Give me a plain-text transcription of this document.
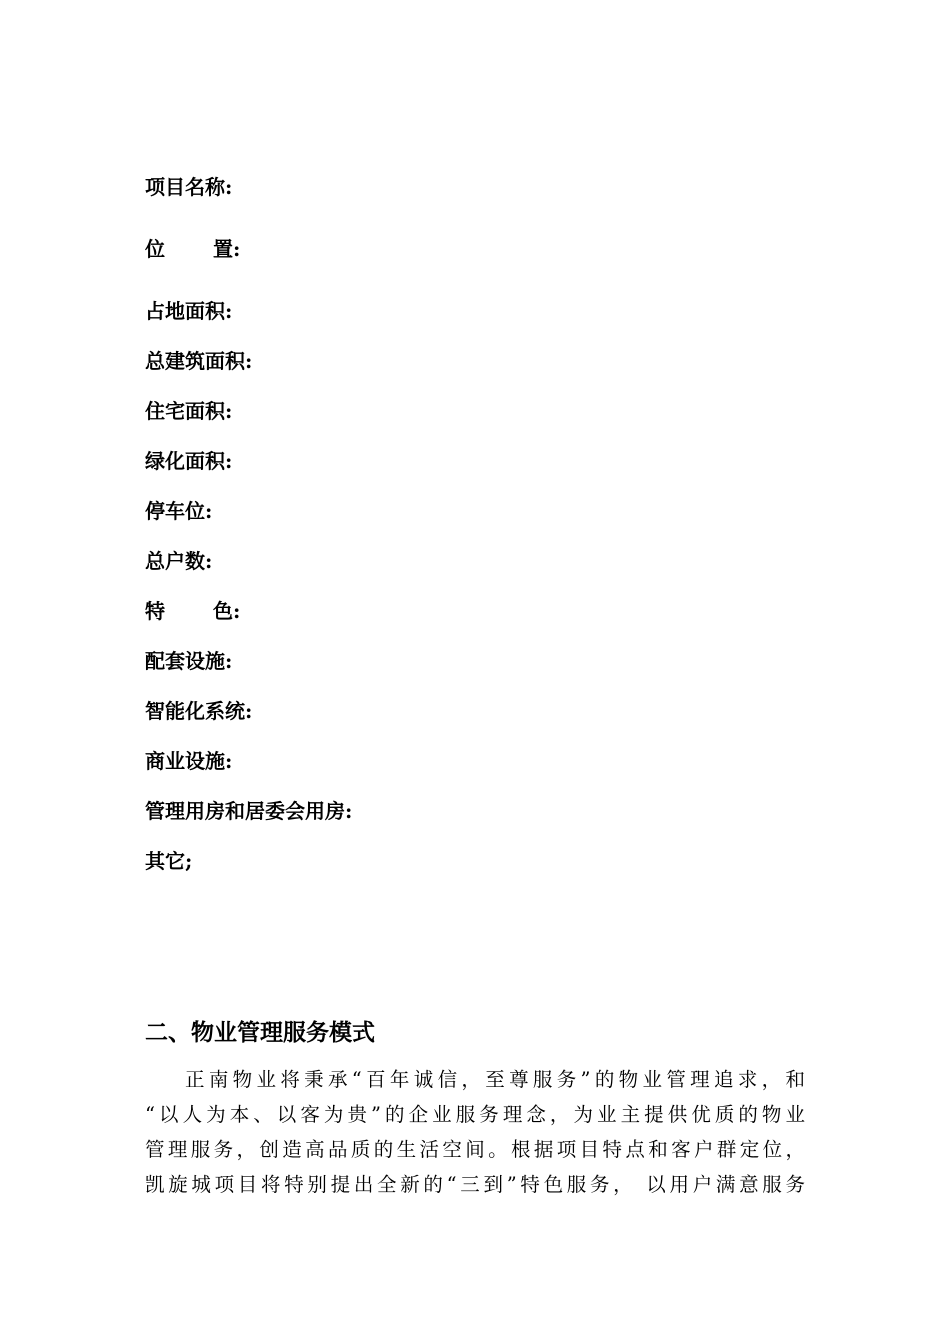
项目名称:
位置:
占地面积:
总建筑面积:
住宅面积:
绿化面积:
停车位:
总户数:
特色:
配套设施:
智能化系统:
商业设施:
管理用房和居委会用房:
其它;
二、物业管理服务模式
正南物业将秉承“百年诚信，至尊服务”的物业管理追求，和
“以人为本、以客为贵”的企业服务理念，为业主提供优质的物业
管理服务，创造高品质的生活空间。根据项目特点和客户群定位，
凯旋城项目将特别提出全新的“三到”特色服务， 以用户满意服务
